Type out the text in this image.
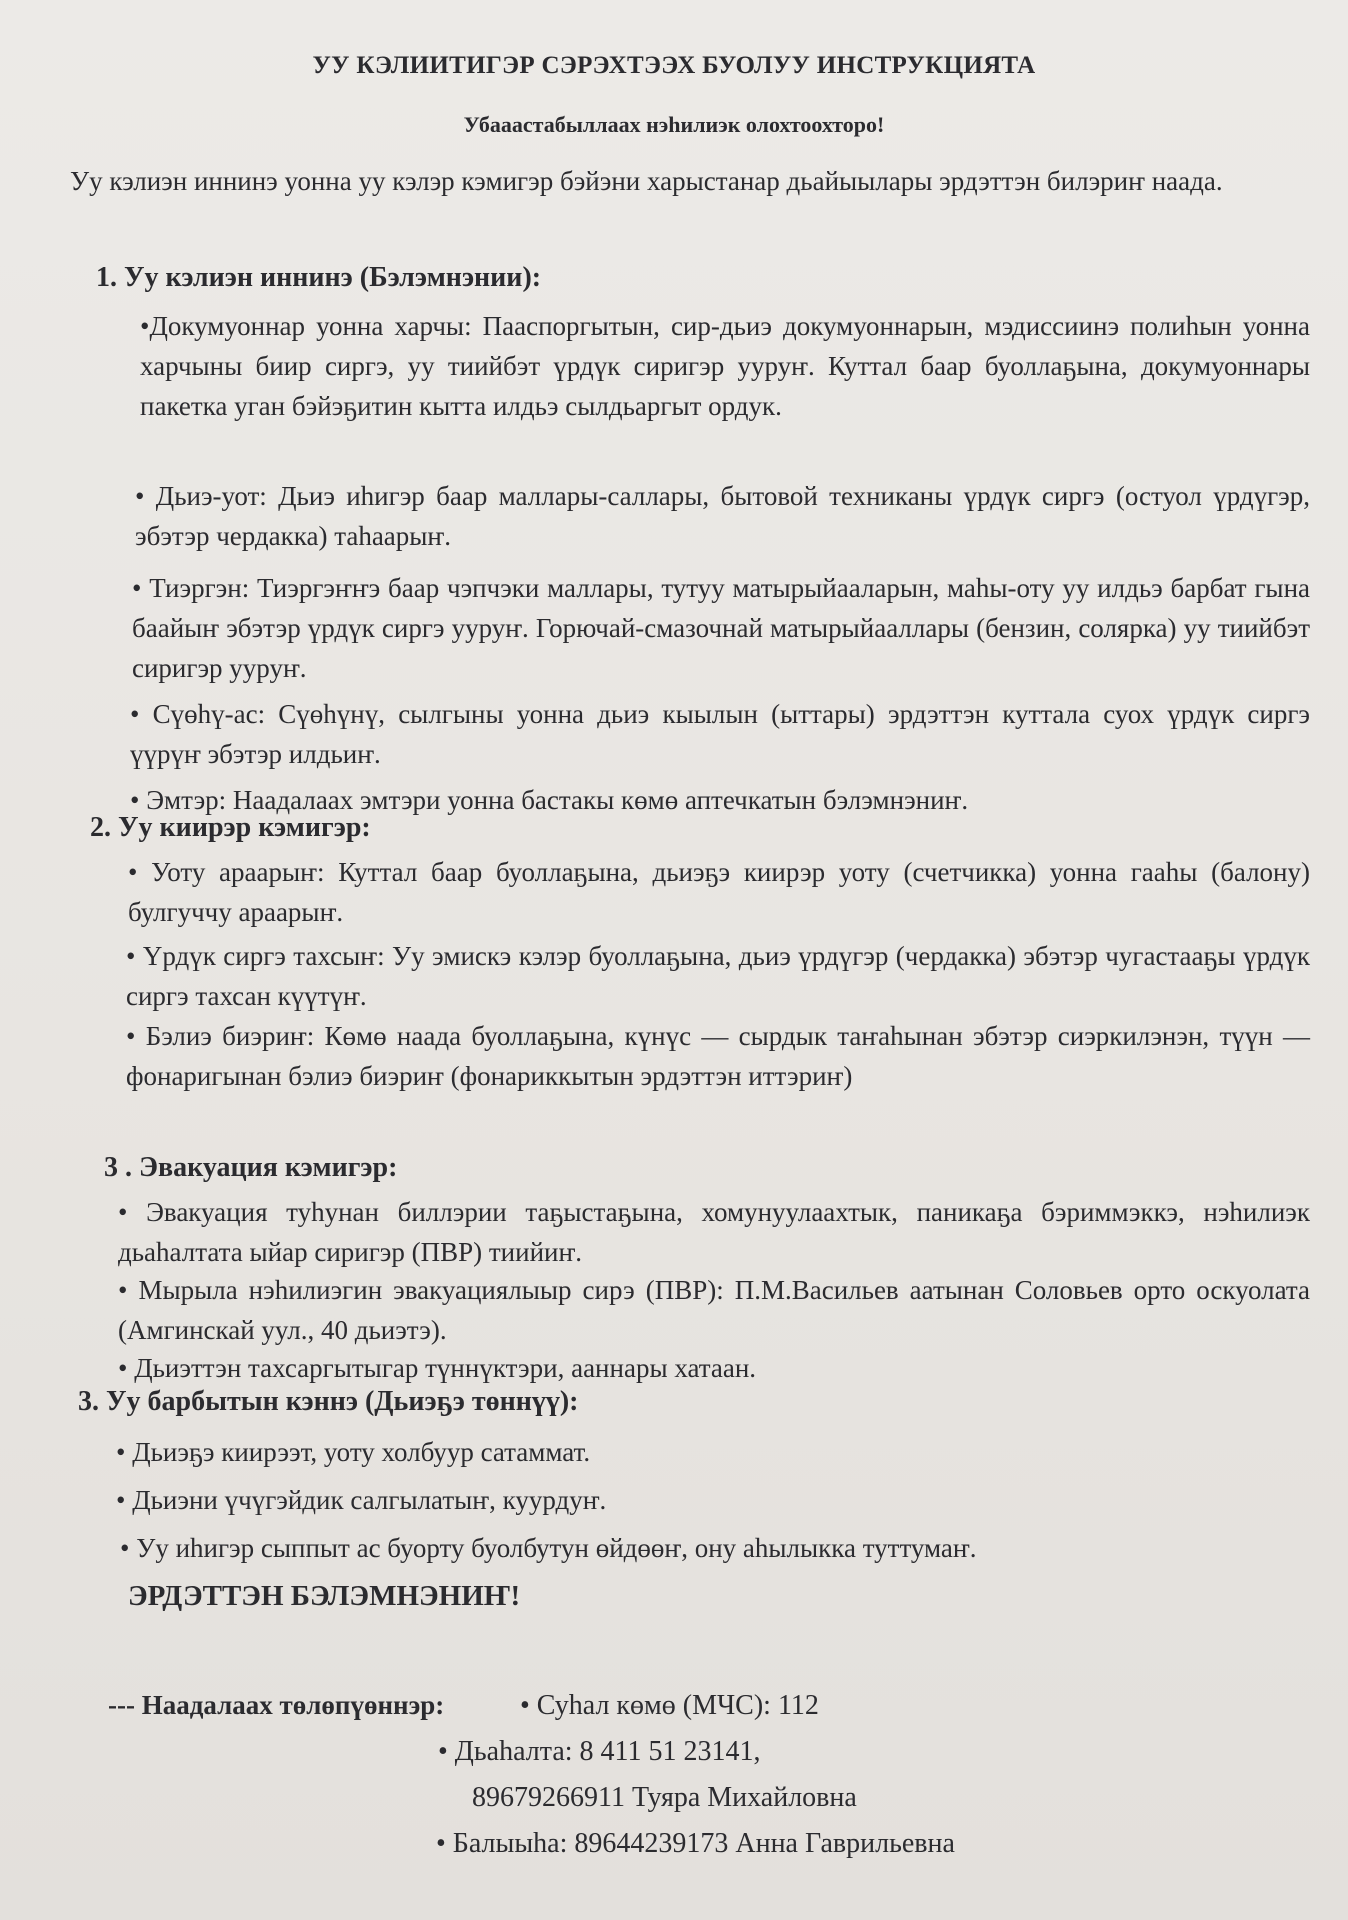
УУ КЭЛИИТИГЭР СЭРЭХТЭЭХ БУОЛУУ ИНСТРУКЦИЯТА
Убааастабыллаах нэһилиэк олохтоохторо!

Уу кэлиэн иннинэ уонна уу кэлэр кэмигэр бэйэни харыстанар дьайыылары эрдэттэн билэриҥ наада.

1. Уу кэлиэн иннинэ (Бэлэмнэнии):

•Докумуоннар уонна харчы: Пааспоргытын, сир-дьиэ докумуоннарын, мэдиссиинэ полиһын уонна харчыны биир сиргэ, уу тиийбэт үрдүк сиригэр ууруҥ. Куттал баар буоллаҕына, докумуоннары пакетка уган бэйэҕитин кытта илдьэ сылдьаргыт ордук.

• Дьиэ-уот: Дьиэ иһигэр баар маллары-саллары, бытовой техниканы үрдүк сиргэ (остуол үрдүгэр, эбэтэр чердакка) таһаарыҥ.

• Тиэргэн: Тиэргэҥҥэ баар чэпчэки маллары, тутуу матырыйааларын, маһы-оту уу илдьэ барбат гына баайыҥ эбэтэр үрдүк сиргэ ууруҥ. Горючай-смазочнай матырыйааллары (бензин, солярка) уу тиийбэт сиригэр ууруҥ.

• Сүөһү-ас: Сүөһүнү, сылгыны уонна дьиэ кыылын (ыттары) эрдэттэн куттала суох үрдүк сиргэ үүрүҥ эбэтэр илдьиҥ.

• Эмтэр: Наадалаах эмтэри уонна бастакы көмө аптечкатын бэлэмнэниҥ.

2. Уу киирэр кэмигэр:

• Уоту араарыҥ: Куттал баар буоллаҕына, дьиэҕэ киирэр уоту (счетчикка) уонна гааһы (балону) булгуччу араарыҥ.

• Үрдүк сиргэ тахсыҥ: Уу эмискэ кэлэр буоллаҕына, дьиэ үрдүгэр (чердакка) эбэтэр чугастааҕы үрдүк сиргэ тахсан күүтүҥ.

• Бэлиэ биэриҥ: Көмө наада буоллаҕына, күнүс — сырдык таҥаһынан эбэтэр сиэркилэнэн, түүн — фонаригынан бэлиэ биэриҥ (фонариккытын эрдэттэн иттэриҥ)

3 . Эвакуация кэмигэр:

• Эвакуация туһунан биллэрии таҕыстаҕына, хомунуулаахтык, паникаҕа бэриммэккэ, нэһилиэк дьаһалтата ыйар сиригэр (ПВР) тиийиҥ.

• Мырыла нэһилиэгин эвакуациялыыр сирэ (ПВР): П.М.Васильев аатынан Соловьев орто оскуолата (Амгинскай уул., 40 дьиэтэ).

• Дьиэттэн тахсаргытыгар түннүктэри, ааннары хатаан.

3. Уу барбытын кэннэ (Дьиэҕэ төннүү):

• Дьиэҕэ киирээт, уоту холбуур сатаммат.

• Дьиэни үчүгэйдик салгылатыҥ, куурдуҥ.

• Уу иһигэр сыппыт ас буорту буолбутун өйдөөҥ, ону аһылыкка туттумаҥ.

ЭРДЭТТЭН БЭЛЭМНЭНИҤ!
--- Наадалаах төлөпүөннэр:	• Суһал көмө (МЧС): 112
• Дьаһалта: 8 411 51 23141,
89679266911 Туяра Михайловна
• Балыыһа: 89644239173 Анна Гаврильевна
